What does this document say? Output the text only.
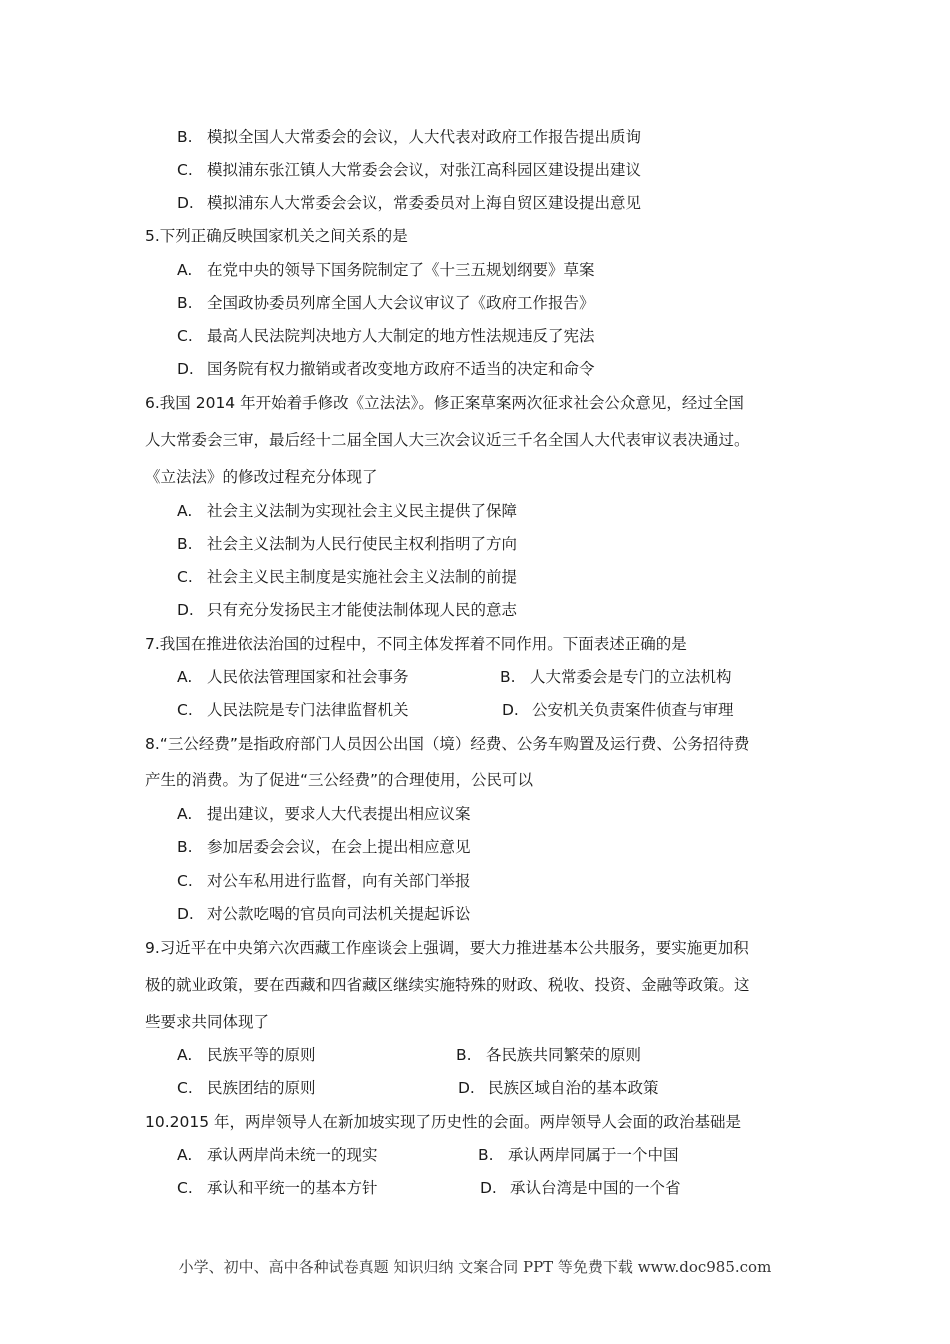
B. 模拟全国人大常委会的会议，人大代表对政府工作报告提出质询
C. 模拟浦东张江镇人大常委会会议，对张江高科园区建设提出建议
D. 模拟浦东人大常委会会议，常委委员对上海自贸区建设提出意见
5.下列正确反映国家机关之间关系的是
A. 在党中央的领导下国务院制定了《十三五规划纲要》草案
B. 全国政协委员列席全国人大会议审议了《政府工作报告》
C. 最高人民法院判决地方人大制定的地方性法规违反了宪法
D. 国务院有权力撤销或者改变地方政府不适当的决定和命令
6.我国 2014 年开始着手修改《立法法》。修正案草案两次征求社会公众意见，经过全国
人大常委会三审，最后经十二届全国人大三次会议近三千名全国人大代表审议表决通过。
《立法法》的修改过程充分体现了
A. 社会主义法制为实现社会主义民主提供了保障
B. 社会主义法制为人民行使民主权利指明了方向
C. 社会主义民主制度是实施社会主义法制的前提
D. 只有充分发扬民主才能使法制体现人民的意志
7.我国在推进依法治国的过程中，不同主体发挥着不同作用。下面表述正确的是
A. 人民依法管理国家和社会事务	B. 人大常委会是专门的立法机构
C. 人民法院是专门法律监督机关	D. 公安机关负责案件侦查与审理
8.“三公经费”是指政府部门人员因公出国（境）经费、公务车购置及运行费、公务招待费
产生的消费。为了促进“三公经费”的合理使用，公民可以
A. 提出建议，要求人大代表提出相应议案
B. 参加居委会会议，在会上提出相应意见
C. 对公车私用进行监督，向有关部门举报
D. 对公款吃喝的官员向司法机关提起诉讼
9.习近平在中央第六次西藏工作座谈会上强调，要大力推进基本公共服务，要实施更加积
极的就业政策，要在西藏和四省藏区继续实施特殊的财政、税收、投资、金融等政策。这
些要求共同体现了
A. 民族平等的原则	B. 各民族共同繁荣的原则
C. 民族团结的原则	D. 民族区域自治的基本政策
10.2015 年，两岸领导人在新加坡实现了历史性的会面。两岸领导人会面的政治基础是
A. 承认两岸尚未统一的现实	B. 承认两岸同属于一个中国
C. 承认和平统一的基本方针	D. 承认台湾是中国的一个省
小学、初中、高中各种试卷真题 知识归纳 文案合同 PPT 等免费下载 www.doc985.com
